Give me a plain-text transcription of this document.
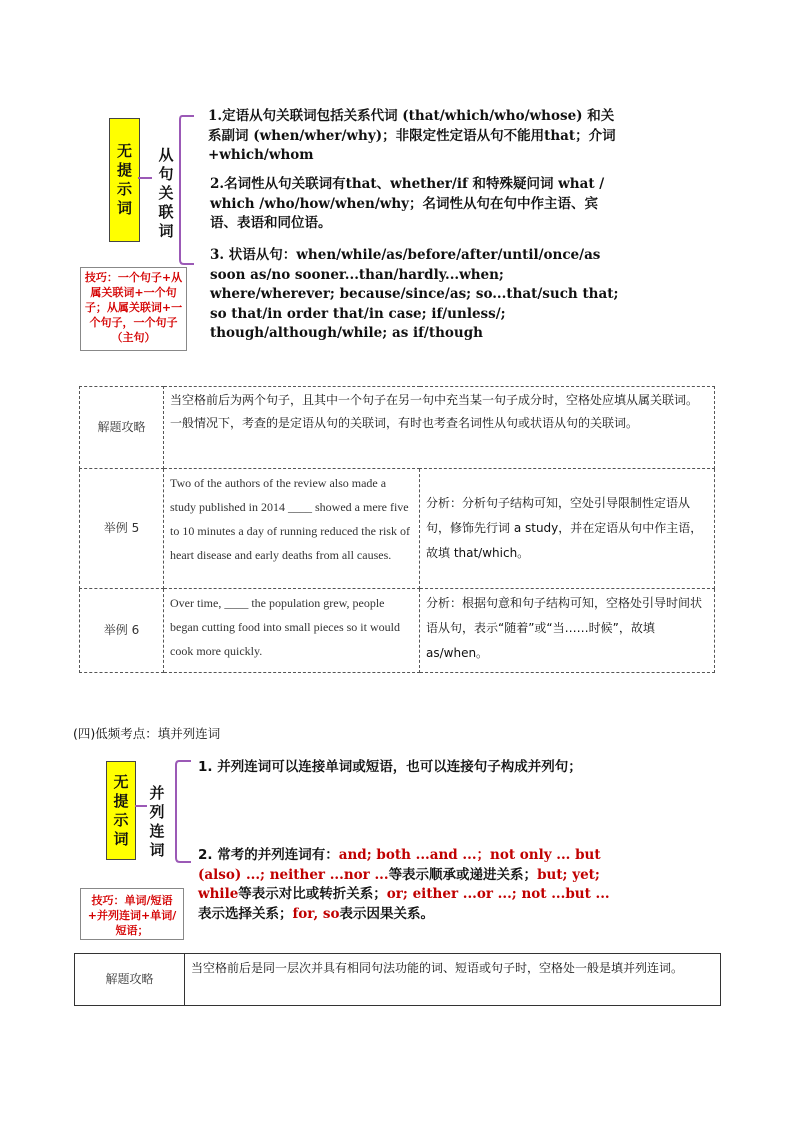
无
提
示
词
从
句
关
联
词
1.定语从句关联词包括关系代词 (that/which/who/whose) 和关系副词 (when/wher/why)；非限定性定语从句不能用that；介词+which/whom
2.名词性从句关联词有that、whether/if 和特殊疑问词 what / which /who/how/when/why；名词性从句在句中作主语、宾语、表语和同位语。
3. 状语从句：when/while/as/before/after/until/once/as soon as/no sooner...than/hardly...when; where/wherever; because/since/as; so...that/such that; so that/in order that/in case; if/unless/; though/although/while; as if/though
技巧：一个句子+从属关联词+一个句子；从属关联词+一个句子，一个句子（主句）
解题攻略	当空格前后为两个句子，且其中一个句子在另一句中充当某一句子成分时，空格处应填从属关联词。一般情况下，考查的是定语从句的关联词，有时也考查名词性从句或状语从句的关联词。	
举例 5	Two of the authors of the review also made a study published in 2014 ____ showed a mere five to 10 minutes a day of running reduced the risk of heart disease and early deaths from all causes.	分析：分析句子结构可知，空处引导限制性定语从句，修饰先行词 a study，并在定语从句中作主语，故填 that/which。
举例 6	Over time, ____ the population grew, people began cutting food into small pieces so it would cook more quickly.	分析：根据句意和句子结构可知，空格处引导时间状语从句，表示“随着”或“当……时候”，故填 as/when。
(四)低频考点：填并列连词
无
提
示
词
并
列
连
词
1. 并列连词可以连接单词或短语，也可以连接句子构成并列句；
2. 常考的并列连词有：and; both ...and ...；not only ... but (also) ...; neither ...nor ...等表示顺承或递进关系；but; yet; while等表示对比或转折关系；or; either ...or ...; not ...but ...表示选择关系；for, so表示因果关系。
技巧：单词/短语+并列连词+单词/短语；
解题攻略	当空格前后是同一层次并具有相同句法功能的词、短语或句子时，空格处一般是填并列连词。
